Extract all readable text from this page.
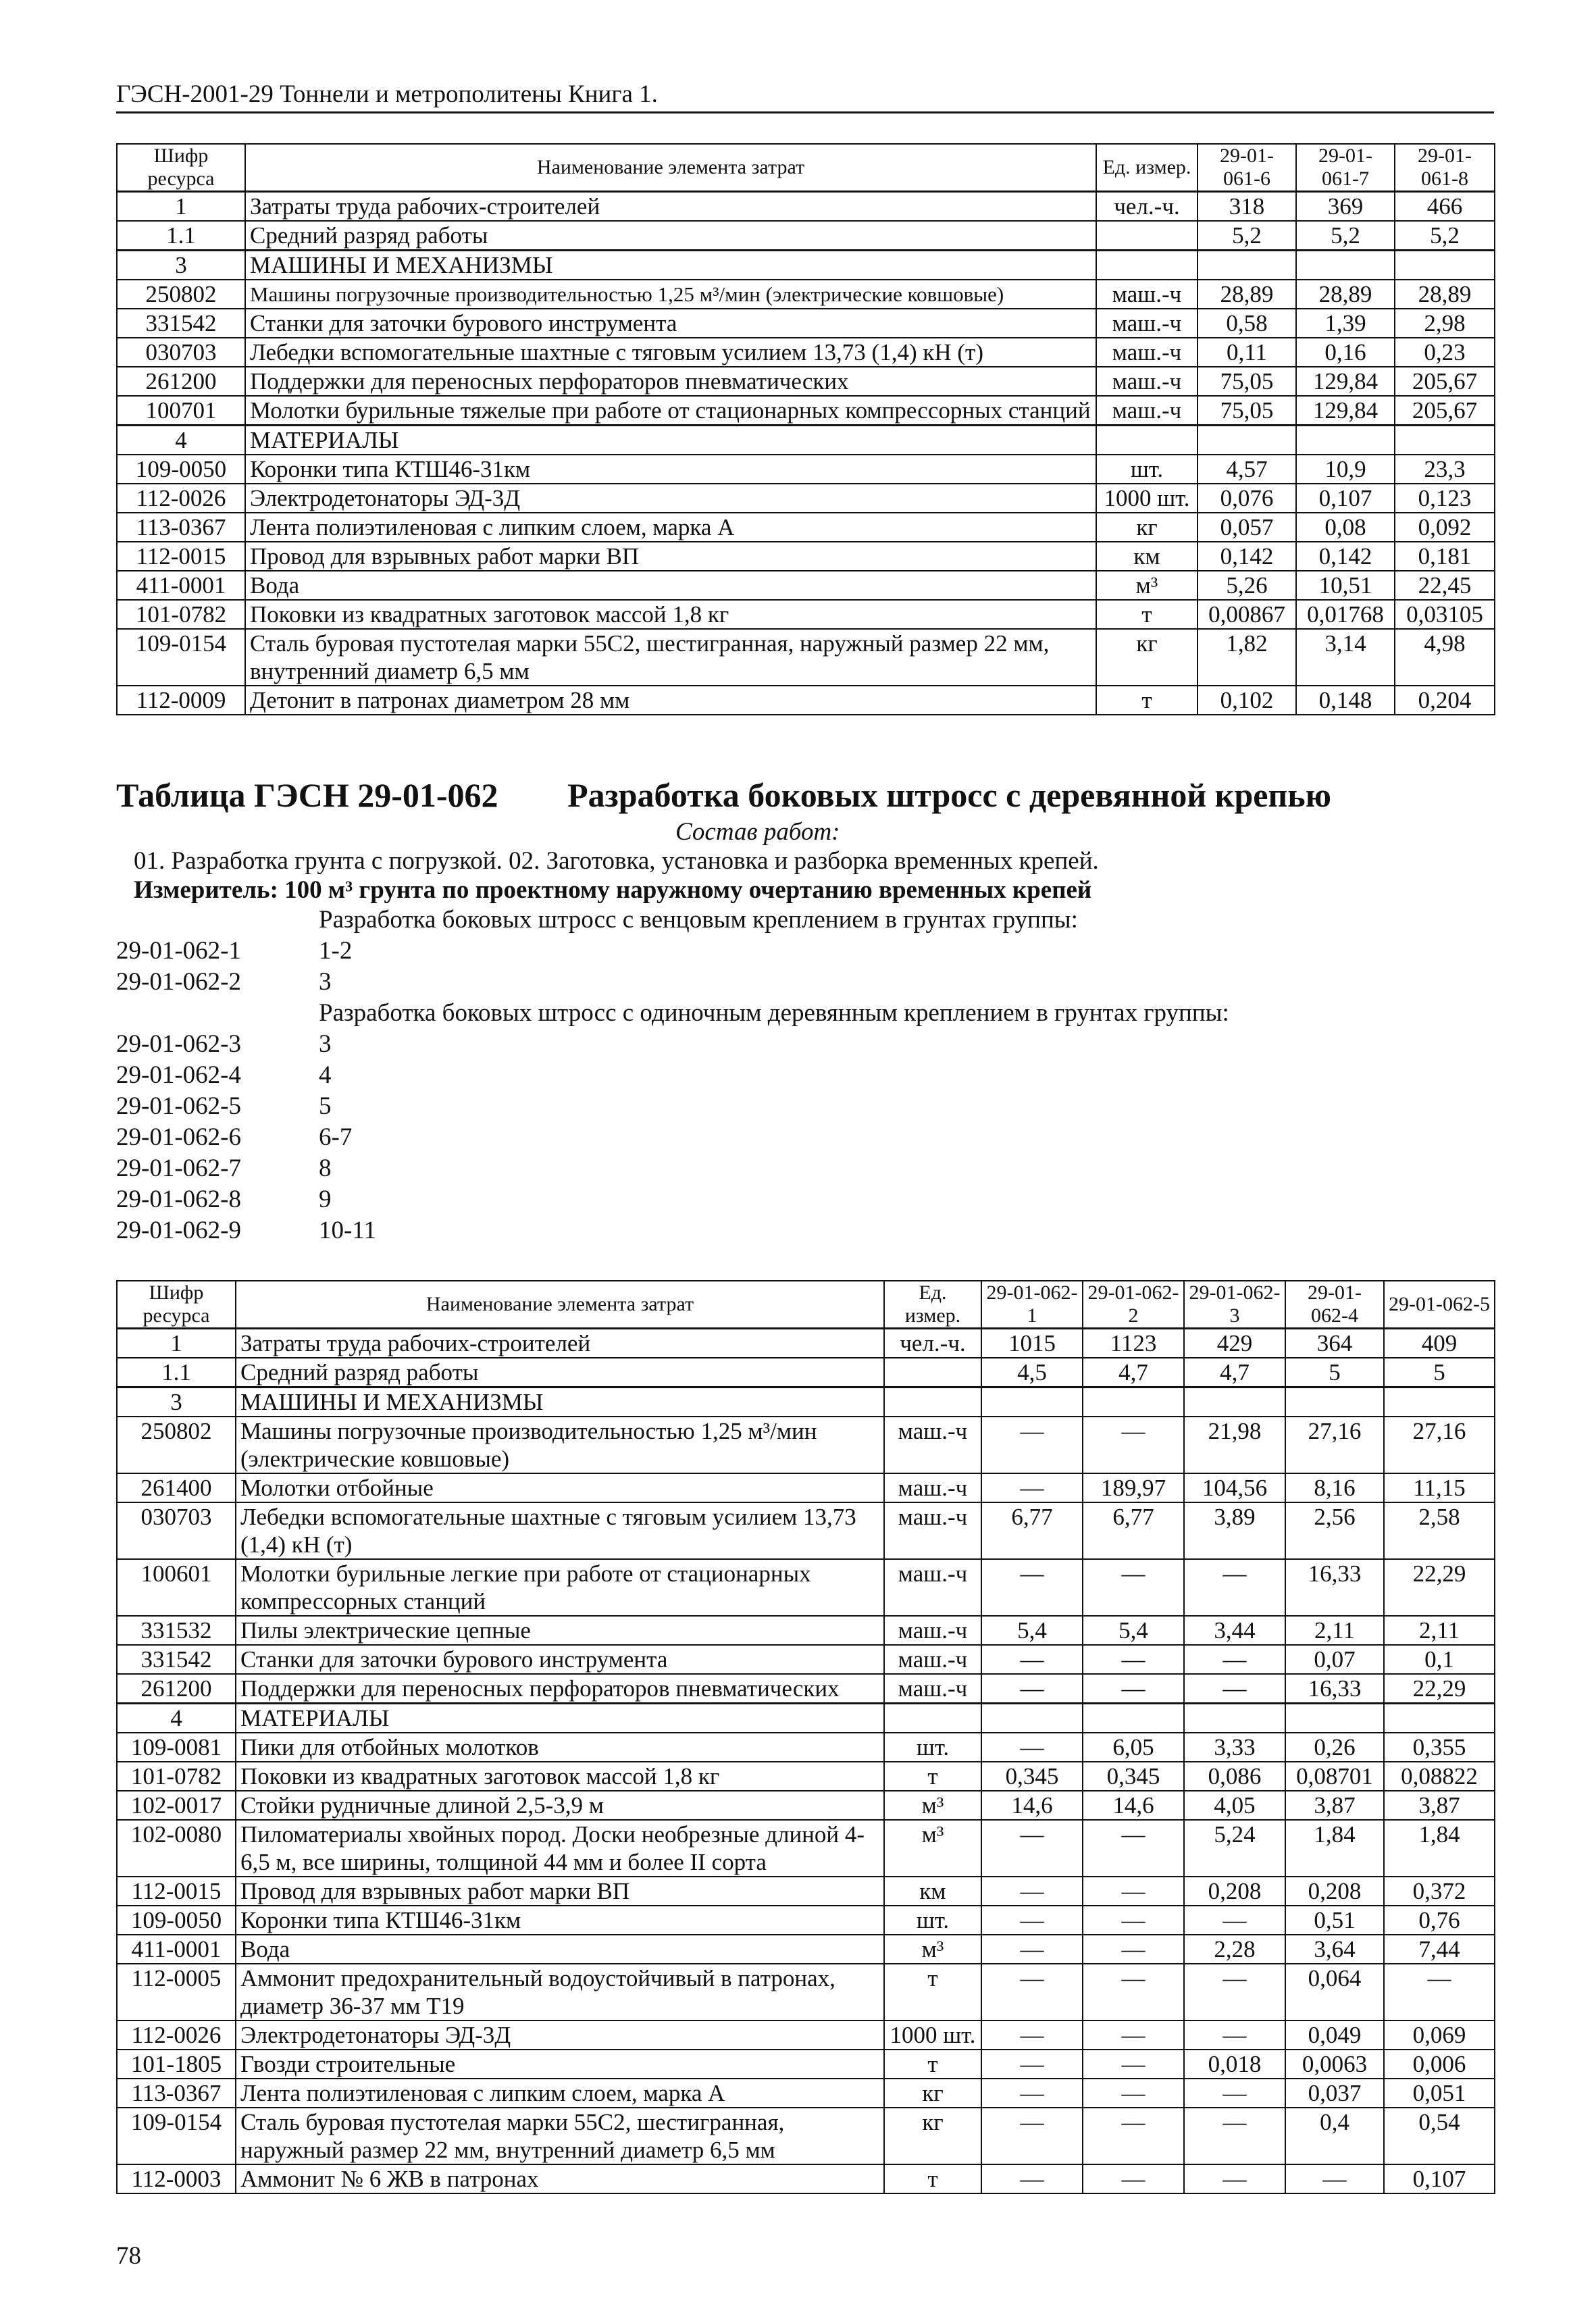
ГЭСН-2001-29 Тоннели и метрополитены Книга 1.
Шифр ресурса	Наименование элемента затрат	Ед. измер.	29-01-061-6	29-01-061-7	29-01-061-8
1	Затраты труда рабочих-строителей	чел.-ч.	318	369	466
1.1	Средний разряд работы		5,2	5,2	5,2
3	МАШИНЫ И МЕХАНИЗМЫ				
250802	Машины погрузочные производительностью 1,25 м³/мин (электрические ковшовые)	маш.-ч	28,89	28,89	28,89
331542	Станки для заточки бурового инструмента	маш.-ч	0,58	1,39	2,98
030703	Лебедки вспомогательные шахтные с тяговым усилием 13,73 (1,4) кН (т)	маш.-ч	0,11	0,16	0,23
261200	Поддержки для переносных перфораторов пневматических	маш.-ч	75,05	129,84	205,67
100701	Молотки бурильные тяжелые при работе от стационарных компрессорных станций	маш.-ч	75,05	129,84	205,67
4	МАТЕРИАЛЫ				
109-0050	Коронки типа КТШ46-31км	шт.	4,57	10,9	23,3
112-0026	Электродетонаторы ЭД-3Д	1000 шт.	0,076	0,107	0,123
113-0367	Лента полиэтиленовая с липким слоем, марка А	кг	0,057	0,08	0,092
112-0015	Провод для взрывных работ марки ВП	км	0,142	0,142	0,181
411-0001	Вода	м³	5,26	10,51	22,45
101-0782	Поковки из квадратных заготовок массой 1,8 кг	т	0,00867	0,01768	0,03105
109-0154	Сталь буровая пустотелая марки 55С2, шестигранная, наружный размер 22 мм, внутренний диаметр 6,5 мм	кг	1,82	3,14	4,98
112-0009	Детонит в патронах диаметром 28 мм	т	0,102	0,148	0,204
Таблица ГЭСН 29-01-062 Разработка боковых штросс с деревянной крепью
Состав работ:
01. Разработка грунта с погрузкой. 02. Заготовка, установка и разборка временных крепей.
Измеритель: 100 м³ грунта по проектному наружному очертанию временных крепей
Разработка боковых штросс с венцовым креплением в грунтах группы:
29-01-062-1	1-2
29-01-062-2	3
Разработка боковых штросс с одиночным деревянным креплением в грунтах группы:
29-01-062-3	3
29-01-062-4	4
29-01-062-5	5
29-01-062-6	6-7
29-01-062-7	8
29-01-062-8	9
29-01-062-9	10-11
Шифр ресурса	Наименование элемента затрат	Ед. измер.	29-01-062-1	29-01-062-2	29-01-062-3	29-01-062-4	29-01-062-5
1	Затраты труда рабочих-строителей	чел.-ч.	1015	1123	429	364	409
1.1	Средний разряд работы		4,5	4,7	4,7	5	5
3	МАШИНЫ И МЕХАНИЗМЫ						
250802	Машины погрузочные производительностью 1,25 м³/мин (электрические ковшовые)	маш.-ч	—	—	21,98	27,16	27,16
261400	Молотки отбойные	маш.-ч	—	189,97	104,56	8,16	11,15
030703	Лебедки вспомогательные шахтные с тяговым усилием 13,73 (1,4) кН (т)	маш.-ч	6,77	6,77	3,89	2,56	2,58
100601	Молотки бурильные легкие при работе от стационарных компрессорных станций	маш.-ч	—	—	—	16,33	22,29
331532	Пилы электрические цепные	маш.-ч	5,4	5,4	3,44	2,11	2,11
331542	Станки для заточки бурового инструмента	маш.-ч	—	—	—	0,07	0,1
261200	Поддержки для переносных перфораторов пневматических	маш.-ч	—	—	—	16,33	22,29
4	МАТЕРИАЛЫ						
109-0081	Пики для отбойных молотков	шт.	—	6,05	3,33	0,26	0,355
101-0782	Поковки из квадратных заготовок массой 1,8 кг	т	0,345	0,345	0,086	0,08701	0,08822
102-0017	Стойки рудничные длиной 2,5-3,9 м	м³	14,6	14,6	4,05	3,87	3,87
102-0080	Пиломатериалы хвойных пород. Доски необрезные длиной 4-6,5 м, все ширины, толщиной 44 мм и более II сорта	м³	—	—	5,24	1,84	1,84
112-0015	Провод для взрывных работ марки ВП	км	—	—	0,208	0,208	0,372
109-0050	Коронки типа КТШ46-31км	шт.	—	—	—	0,51	0,76
411-0001	Вода	м³	—	—	2,28	3,64	7,44
112-0005	Аммонит предохранительный водоустойчивый в патронах, диаметр 36-37 мм Т19	т	—	—	—	0,064	—
112-0026	Электродетонаторы ЭД-3Д	1000 шт.	—	—	—	0,049	0,069
101-1805	Гвозди строительные	т	—	—	0,018	0,0063	0,006
113-0367	Лента полиэтиленовая с липким слоем, марка А	кг	—	—	—	0,037	0,051
109-0154	Сталь буровая пустотелая марки 55С2, шестигранная, наружный размер 22 мм, внутренний диаметр 6,5 мм	кг	—	—	—	0,4	0,54
112-0003	Аммонит № 6 ЖВ в патронах	т	—	—	—	—	0,107
78
